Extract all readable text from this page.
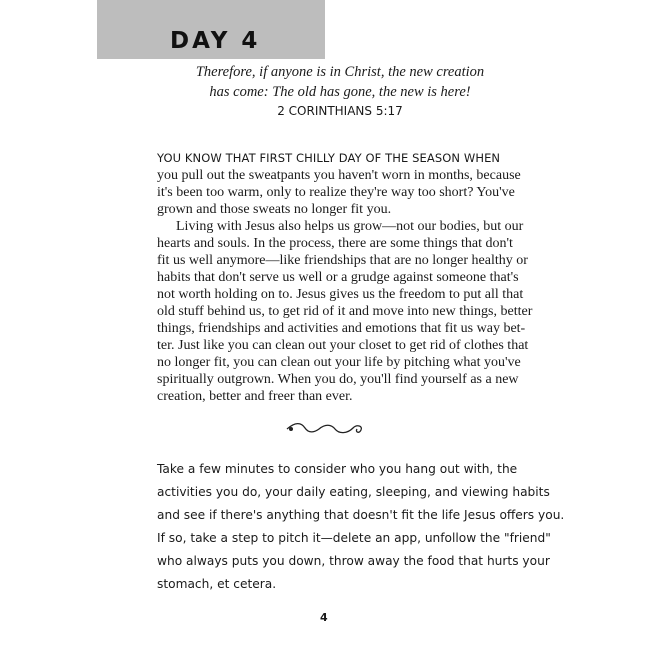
DAY 4
Therefore, if anyone is in Christ, the new creation
has come: The old has gone, the new is here!
2 CORINTHIANS 5:17
YOU KNOW THAT FIRST CHILLY DAY OF THE SEASON WHEN
you pull out the sweatpants you haven't worn in months, because
it's been too warm, only to realize they're way too short? You've
grown and those sweats no longer fit you.
Living with Jesus also helps us grow—not our bodies, but our
hearts and souls. In the process, there are some things that don't
fit us well anymore—like friendships that are no longer healthy or
habits that don't serve us well or a grudge against someone that's
not worth holding on to. Jesus gives us the freedom to put all that
old stuff behind us, to get rid of it and move into new things, better
things, friendships and activities and emotions that fit us way bet-
ter. Just like you can clean out your closet to get rid of clothes that
no longer fit, you can clean out your life by pitching what you've
spiritually outgrown. When you do, you'll find yourself as a new
creation, better and freer than ever.
Take a few minutes to consider who you hang out with, the
activities you do, your daily eating, sleeping, and viewing habits
and see if there's anything that doesn't fit the life Jesus offers you.
If so, take a step to pitch it—delete an app, unfollow the "friend"
who always puts you down, throw away the food that hurts your
stomach, et cetera.
4
